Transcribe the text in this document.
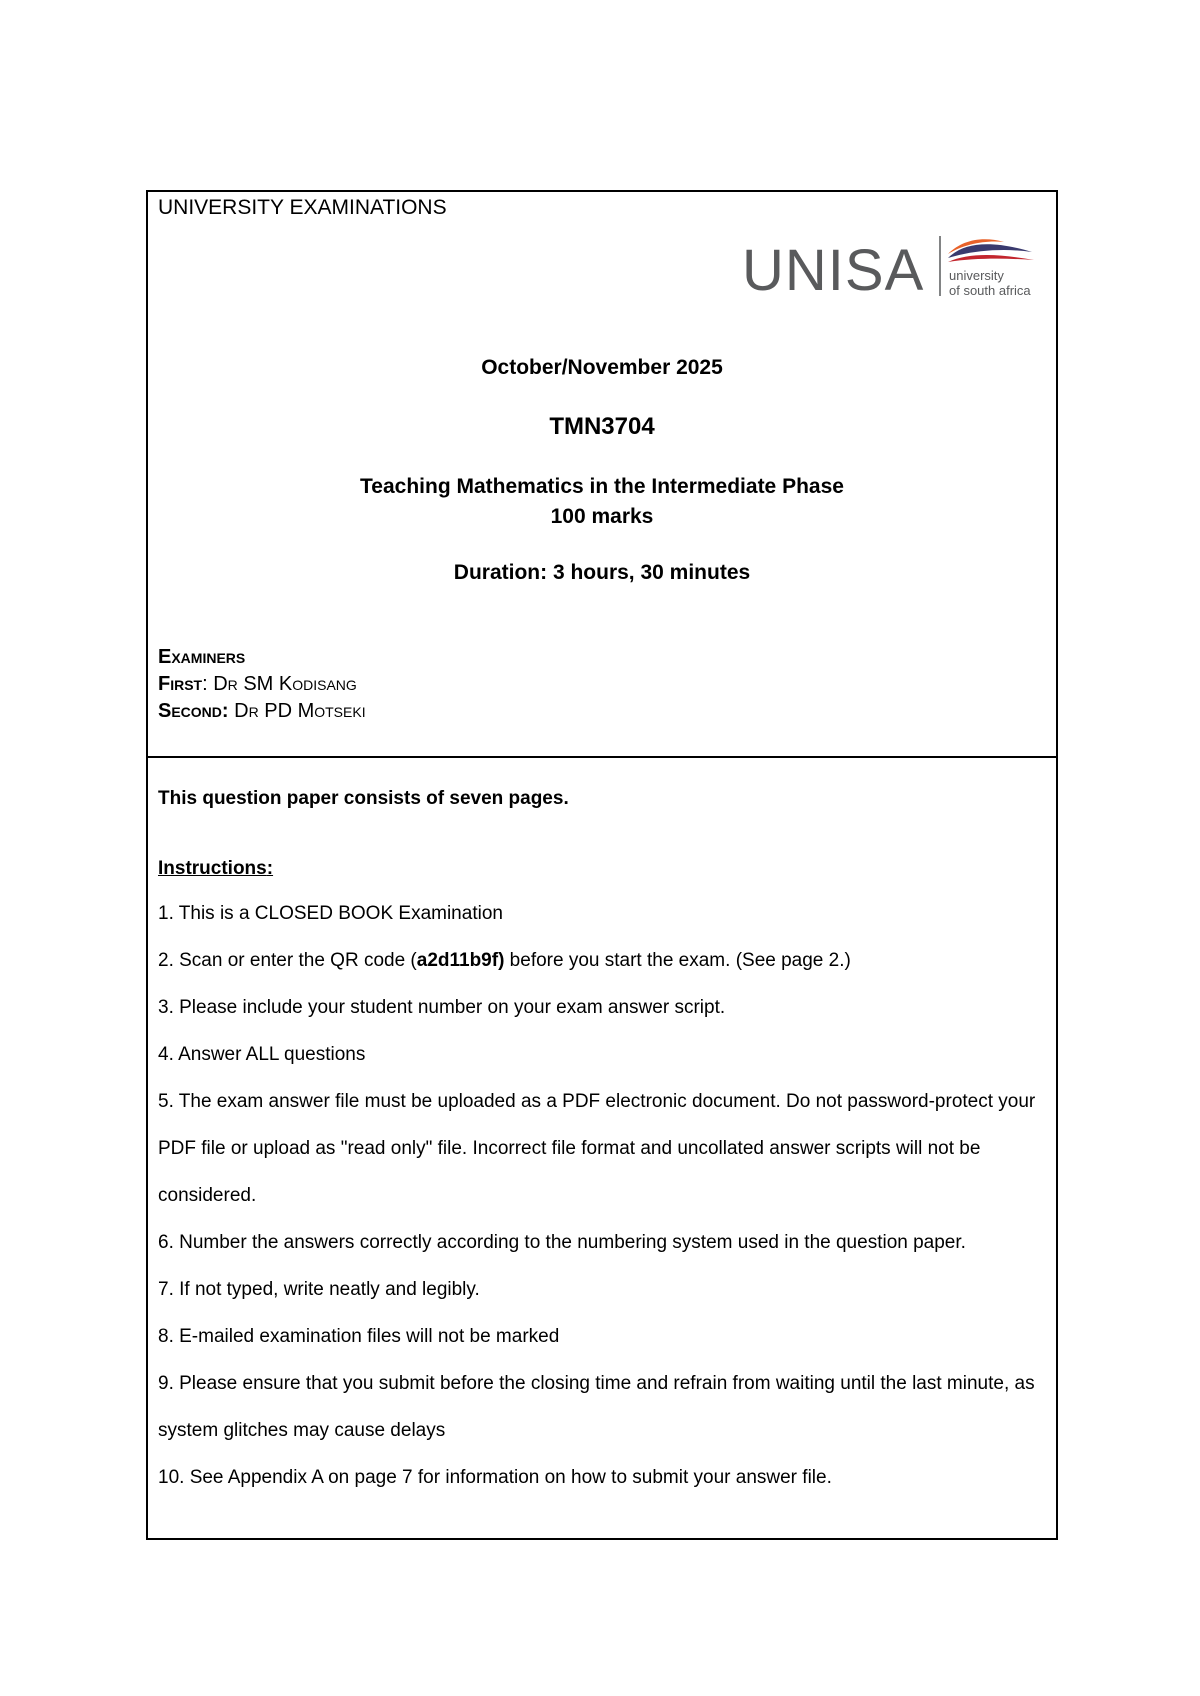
UNIVERSITY EXAMINATIONS
UNISA university
of south africa
October/November 2025
TMN3704
Teaching Mathematics in the Intermediate Phase
100 marks
Duration: 3 hours, 30 minutes
Examiners
First: Dr SM Kodisang
Second: Dr PD Motseki
This question paper consists of seven pages.
Instructions:
1. This is a CLOSED BOOK Examination
2. Scan or enter the QR code (a2d11b9f) before you start the exam. (See page 2.)
3. Please include your student number on your exam answer script.
4. Answer ALL questions
5. The exam answer file must be uploaded as a PDF electronic document. Do not password-protect your PDF file or upload as "read only" file. Incorrect file format and uncollated answer scripts will not be considered.
6. Number the answers correctly according to the numbering system used in the question paper.
7. If not typed, write neatly and legibly.
8. E-mailed examination files will not be marked
9. Please ensure that you submit before the closing time and refrain from waiting until the last minute, as system glitches may cause delays
10. See Appendix A on page 7 for information on how to submit your answer file.
